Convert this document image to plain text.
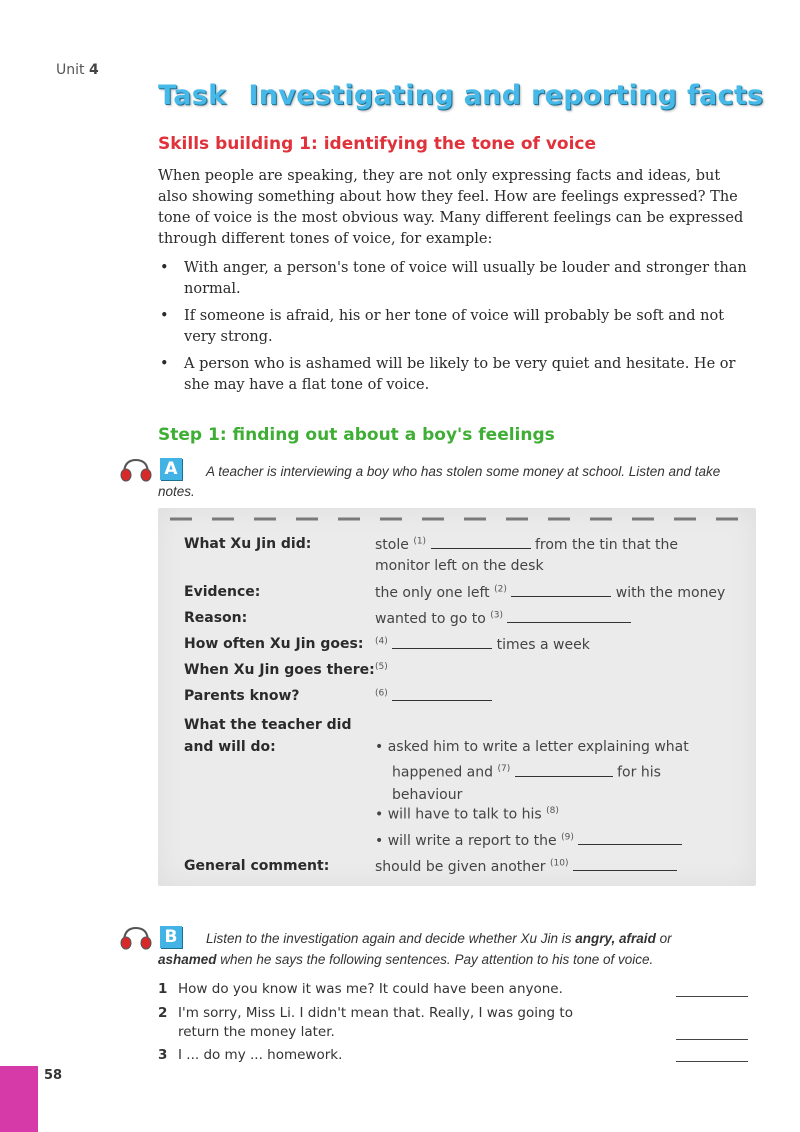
Unit 4
Task Investigating and reporting facts
Skills building 1: identifying the tone of voice
When people are speaking, they are not only expressing facts and ideas, but also showing something about how they feel. How are feelings expressed? The tone of voice is the most obvious way. Many different feelings can be expressed through different tones of voice, for example:
• With anger, a person's tone of voice will usually be louder and stronger than normal.
• If someone is afraid, his or her tone of voice will probably be soft and not very strong.
• A person who is ashamed will be likely to be very quiet and hesitate. He or she may have a flat tone of voice.
Step 1: finding out about a boy's feelings
A	A teacher is interviewing a boy who has stolen some money at school. Listen and take
notes.
What Xu Jin did:	stole $^{(1)}$	from the tin that the
monitor left on the desk
Evidence:	the only one left $^{(2)}$	with the money
Reason:	wanted to go to $^{(3)}$
How often Xu Jin goes: $^{(4)}$	times a week
When Xu Jin goes there: $^{(5)}$
Parents know?	$^{(6)}$
What the teacher did
and will do:	• asked him to write a letter explaining what
happened and $^{(7)}$	for his
behaviour
• will have to talk to his $^{(8)}$
• will write a report to the $^{(9)}$
General comment:	should be given another $^{(10)}$
B	Listen to the investigation again and decide whether Xu Jin is angry, afraid or
ashamed when he says the following sentences. Pay attention to his tone of voice.
1 How do you know it was me? It could have been anyone.
2 I'm sorry, Miss Li. I didn't mean that. Really, I was going to
return the money later.
3 I ... do my ... homework.
58
